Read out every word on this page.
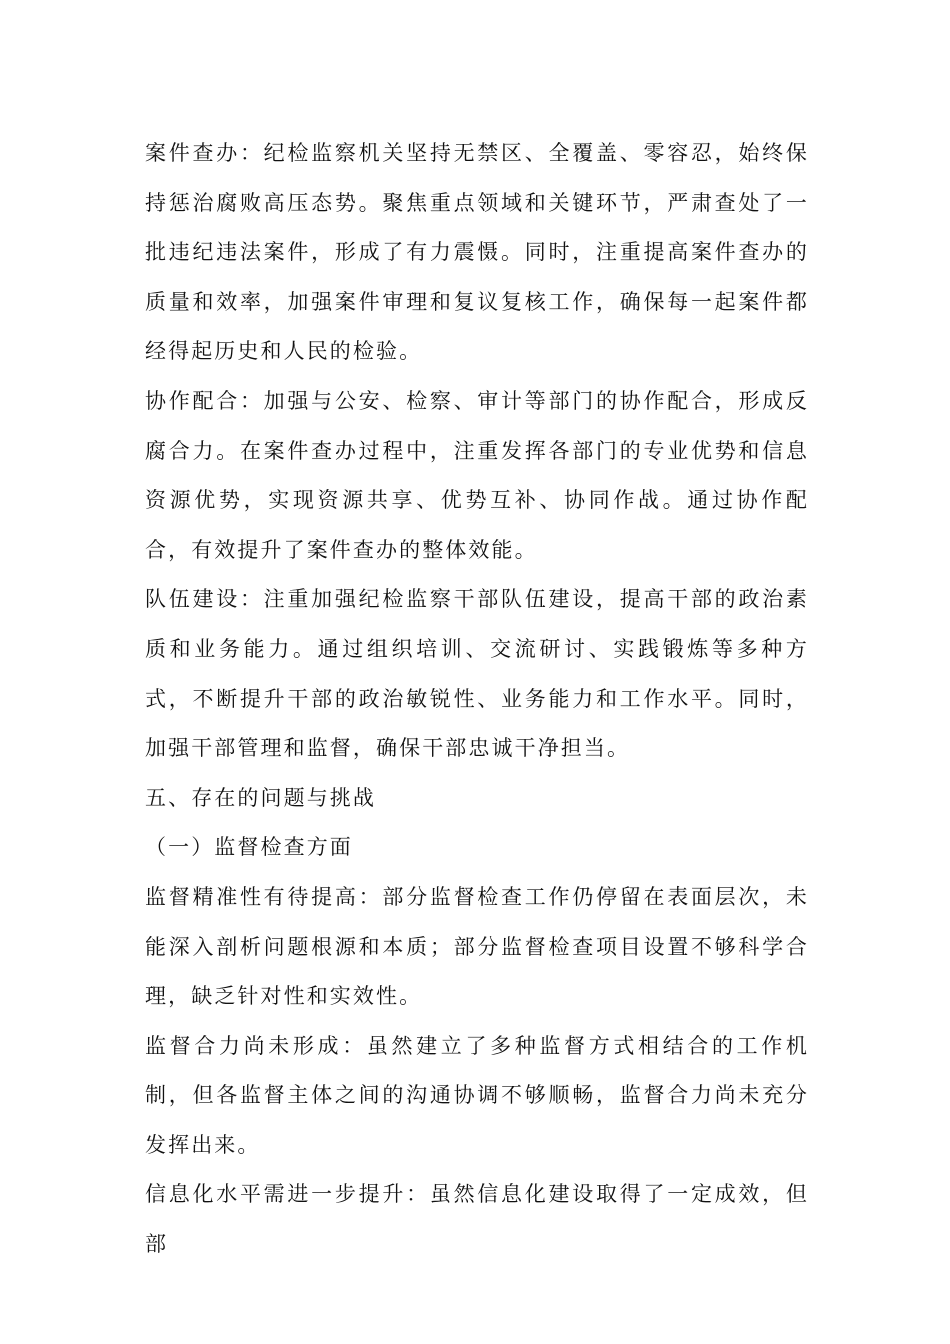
案件查办：纪检监察机关坚持无禁区、全覆盖、零容忍，始终保持惩治腐败高压态势。聚焦重点领域和关键环节，严肃查处了一批违纪违法案件，形成了有力震慑。同时，注重提高案件查办的质量和效率，加强案件审理和复议复核工作，确保每一起案件都经得起历史和人民的检验。

协作配合：加强与公安、检察、审计等部门的协作配合，形成反腐合力。在案件查办过程中，注重发挥各部门的专业优势和信息资源优势，实现资源共享、优势互补、协同作战。通过协作配合，有效提升了案件查办的整体效能。

队伍建设：注重加强纪检监察干部队伍建设，提高干部的政治素质和业务能力。通过组织培训、交流研讨、实践锻炼等多种方式，不断提升干部的政治敏锐性、业务能力和工作水平。同时，加强干部管理和监督，确保干部忠诚干净担当。

五、存在的问题与挑战

（一）监督检查方面

监督精准性有待提高：部分监督检查工作仍停留在表面层次，未能深入剖析问题根源和本质；部分监督检查项目设置不够科学合理，缺乏针对性和实效性。

监督合力尚未形成：虽然建立了多种监督方式相结合的工作机制，但各监督主体之间的沟通协调不够顺畅，监督合力尚未充分发挥出来。

信息化水平需进一步提升：虽然信息化建设取得了一定成效，但部
